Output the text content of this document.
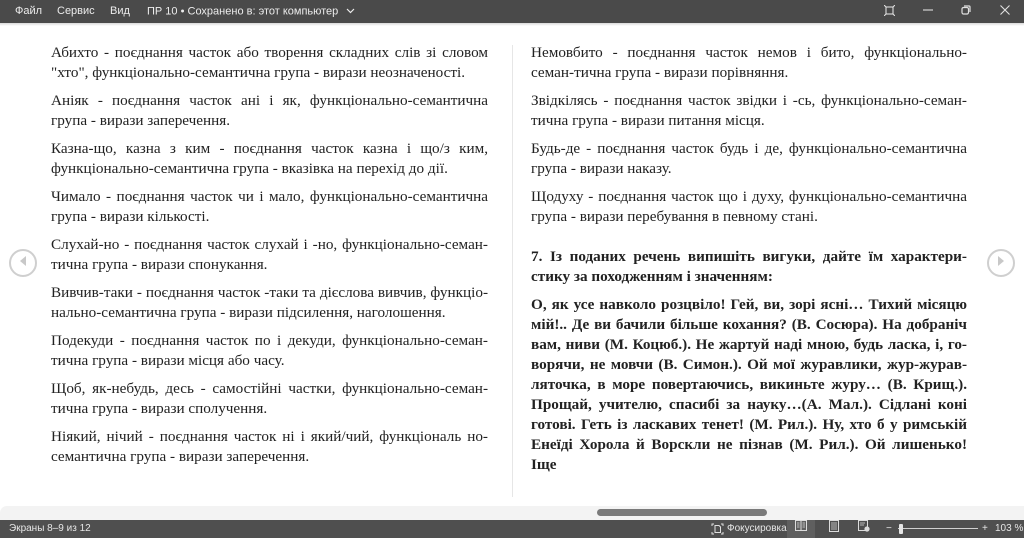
Файл Сервис Вид ПР 10 • Сохранено в: этот компьютер

Абихто - поєднання часток або творення складних слів зі словом "хто", функціонально-семантична група - вирази неозначеності.

Аніяк - поєднання часток ані і як, функціонально-семантична група - вирази заперечення.

Казна-що, казна з ким - поєднання часток казна і що/з ким, функціонально-семантична група - вказівка на перехід до дії.

Чимало - поєднання часток чи і мало, функціонально-семантична група - вирази кількості.

Слухай-но - поєднання часток слухай і -но, функціонально-семан-тична група - вирази спонукання.

Вивчив-таки - поєднання часток -таки та дієслова вивчив, функціо-нально-семантична група - вирази підсилення, наголошення.

Подекуди - поєднання часток по і декуди, функціонально-семан-тична група - вирази місця або часу.

Щоб, як-небудь, десь - самостійні частки, функціонально-семан-тична група - вирази сполучення.

Ніякий, нічий - поєднання часток ні і який/чий, функціональ но-семантична група - вирази заперечення.

Немовбито - поєднання часток немов і бито, функціонально-семан-тична група - вирази порівняння.

Звідкілясь - поєднання часток звідки і -сь, функціонально-семан-тична група - вирази питання місця.

Будь-де - поєднання часток будь і де, функціонально-семантична група - вирази наказу.

Щодуху - поєднання часток що і духу, функціонально-семантична група - вирази перебування в певному стані.

7. Із поданих речень випишіть вигуки, дайте їм характери-стику за походженням і значенням:

О, як усе навколо розцвіло! Гей, ви, зорі ясні… Тихий місяцю мій!.. Де ви бачили більше кохання? (В. Сосюра). На добраніч вам, ниви (М. Коцюб.). Не жартуй наді мною, будь ласка, і, го-ворячи, не мовчи (В. Симон.). Ой мої журавлики, жур-журав-ляточка, в море повертаючись, викиньте журу… (В. Крищ.). Прощай, учителю, спасибі за науку…(А. Мал.). Сідлані коні готові. Геть із ласкавих тенет! (М. Рил.). Ну, хто б у римській Енеїді Хорола й Ворскли не пізнав (М. Рил.). Ой лишенько! Іще

Экраны 8–9 из 12	Фокусировка	−	+ 103 %
